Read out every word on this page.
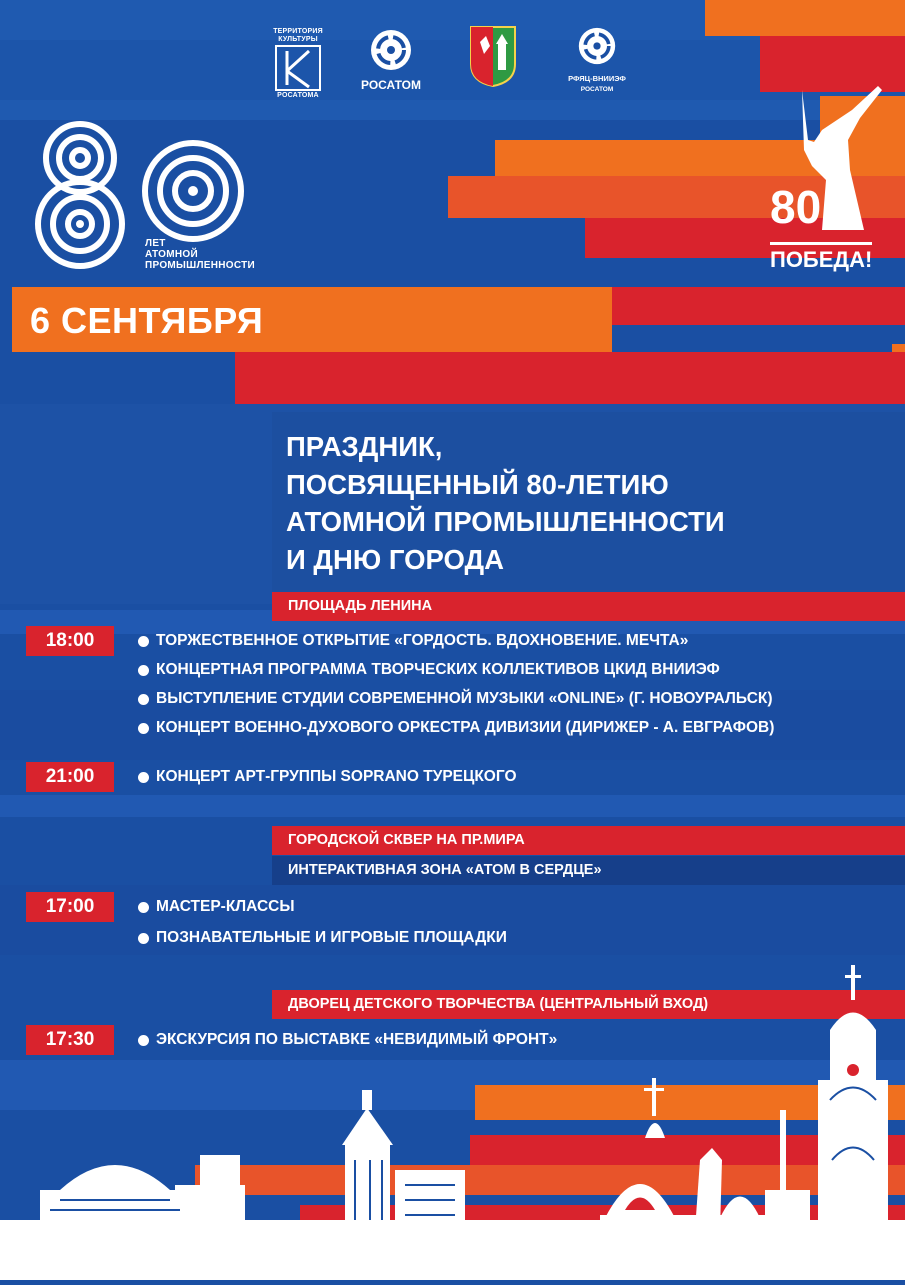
ТЕРРИТОРИЯ
КУЛЬТУРЫ
РОСАТОМА
РОСАТОМ	РФЯЦ-ВНИИЭФ
РОСАТОМ
ЛЕТ
АТОМНОЙ
ПРОМЫШЛЕННОСТИ
80
ПОБЕДА!
6 СЕНТЯБРЯ
ПРАЗДНИК,
ПОСВЯЩЕННЫЙ 80-ЛЕТИЮ
АТОМНОЙ ПРОМЫШЛЕННОСТИ
И ДНЮ ГОРОДА
ПЛОЩАДЬ ЛЕНИНА
18:00	ТОРЖЕСТВЕННОЕ ОТКРЫТИЕ «ГОРДОСТЬ. ВДОХНОВЕНИЕ. МЕЧТА»
КОНЦЕРТНАЯ ПРОГРАММА ТВОРЧЕСКИХ КОЛЛЕКТИВОВ ЦКИД ВНИИЭФ
ВЫСТУПЛЕНИЕ СТУДИИ СОВРЕМЕННОЙ МУЗЫКИ «ONLINE» (Г. НОВОУРАЛЬСК)
КОНЦЕРТ ВОЕННО-ДУХОВОГО ОРКЕСТРА ДИВИЗИИ (ДИРИЖЕР - А. ЕВГРАФОВ)
21:00	КОНЦЕРТ АРТ-ГРУППЫ SOPRANO ТУРЕЦКОГО
ГОРОДСКОЙ СКВЕР НА ПР.МИРА
ИНТЕРАКТИВНАЯ ЗОНА «АТОМ В СЕРДЦЕ»
17:00	МАСТЕР-КЛАССЫ
ПОЗНАВАТЕЛЬНЫЕ И ИГРОВЫЕ ПЛОЩАДКИ
ДВОРЕЦ ДЕТСКОГО ТВОРЧЕСТВА (ЦЕНТРАЛЬНЫЙ ВХОД)
17:30	ЭКСКУРСИЯ ПО ВЫСТАВКЕ «НЕВИДИМЫЙ ФРОНТ»
